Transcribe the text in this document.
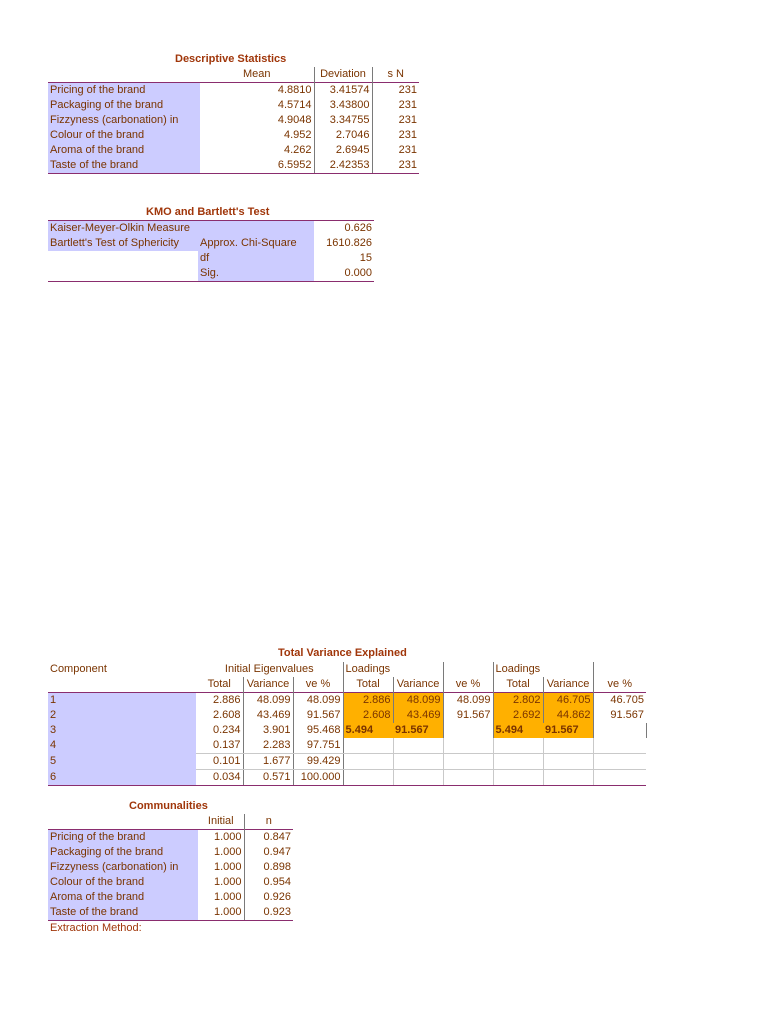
Descriptive Statistics
	Mean	Deviation	s N
Pricing of the brand	4.8810	3.41574	231
Packaging of the brand	4.5714	3.43800	231
Fizzyness (carbonation) in	4.9048	3.34755	231
Colour of the brand	4.952	2.7046	231
Aroma of the brand	4.262	2.6945	231
Taste of the brand	6.5952	2.42353	231
KMO and Bartlett's Test
Kaiser-Meyer-Olkin Measure		0.626
Bartlett's Test of Sphericity	Approx. Chi-Square	1610.826
	df	15
	Sig.	0.000
Total Variance Explained
Component	Initial Eigenvalues			Loadings			Loadings		
	Total	Variance	ve %	Total	Variance	ve %	Total	Variance	ve %
1	2.886	48.099	48.099	2.886	48.099	48.099	2.802	46.705	46.705
2	2.608	43.469	91.567	2.608	43.469	91.567	2.692	44.862	91.567
3	0.234	3.901	95.468	5.494	91.567		5.494	91.567	
4	0.137	2.283	97.751						
5	0.101	1.677	99.429						
6	0.034	0.571	100.000						
Communalities
	Initial	n
Pricing of the brand	1.000	0.847
Packaging of the brand	1.000	0.947
Fizzyness (carbonation) in	1.000	0.898
Colour of the brand	1.000	0.954
Aroma of the brand	1.000	0.926
Taste of the brand	1.000	0.923
Extraction Method:		
